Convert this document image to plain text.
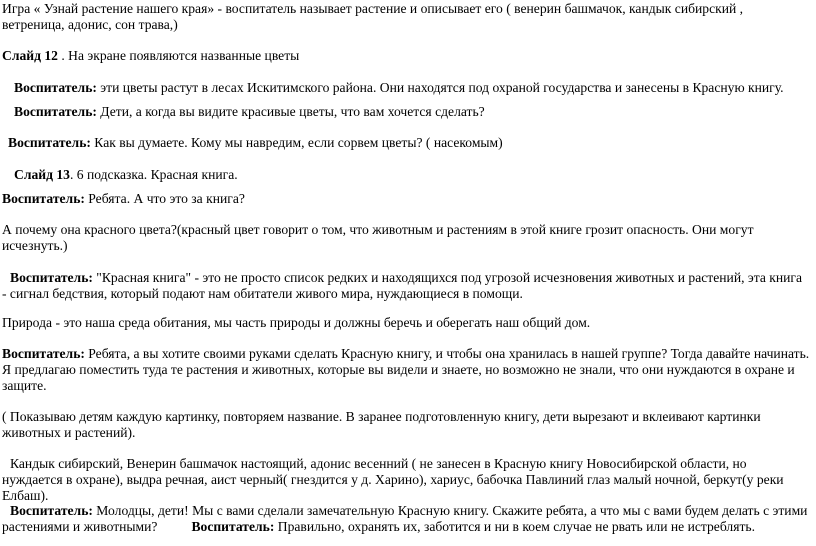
Игра « Узнай растение нашего края» - воспитатель называет растение и описывает его ( венерин башмачок, кандык сибирский , ветреница, адонис, сон трава,)

Слайд 12 . На экране появляются названные цветы

Воспитатель: эти цветы растут в лесах Искитимского района. Они находятся под охраной государства и занесены в Красную книгу.

Воспитатель: Дети, а когда вы видите красивые цветы, что вам хочется сделать?

Воспитатель: Как вы думаете. Кому мы навредим, если сорвем цветы? ( насекомым)

Слайд 13. 6 подсказка. Красная книга.

Воспитатель: Ребята. А что это за книга?

А почему она красного цвета?(красный цвет говорит о том, что животным и растениям в этой книге грозит опасность. Они могут исчезнуть.)

Воспитатель: "Красная книга" - это не просто список редких и находящихся под угрозой исчезновения животных и растений, эта книга - сигнал бедствия, который подают нам обитатели живого мира, нуждающиеся в помощи.

Природа - это наша среда обитания, мы часть природы и должны беречь и оберегать наш общий дом.

Воспитатель: Ребята, а вы хотите своими руками сделать Красную книгу, и чтобы она хранилась в нашей группе? Тогда давайте начинать. Я предлагаю поместить туда те растения и животных, которые вы видели и знаете, но возможно не знали, что они нуждаются в охране и защите.

( Показываю детям каждую картинку, повторяем название. В заранее подготовленную книгу, дети вырезают и вклеивают картинки животных и растений).

Кандык сибирский, Венерин башмачок настоящий, адонис весенний ( не занесен в Красную книгу Новосибирской области, но нуждается в охране), выдра речная, аист черный( гнездится у д. Харино), хариус, бабочка Павлиний глаз малый ночной, беркут(у реки Елбаш).

Воспитатель: Молодцы, дети! Мы с вами сделали замечательную Красную книгу. Скажите ребята, а что мы с вами будем делать с этими растениями и животными? Воспитатель: Правильно, охранять их, заботится и ни в коем случае не рвать или не истреблять.
